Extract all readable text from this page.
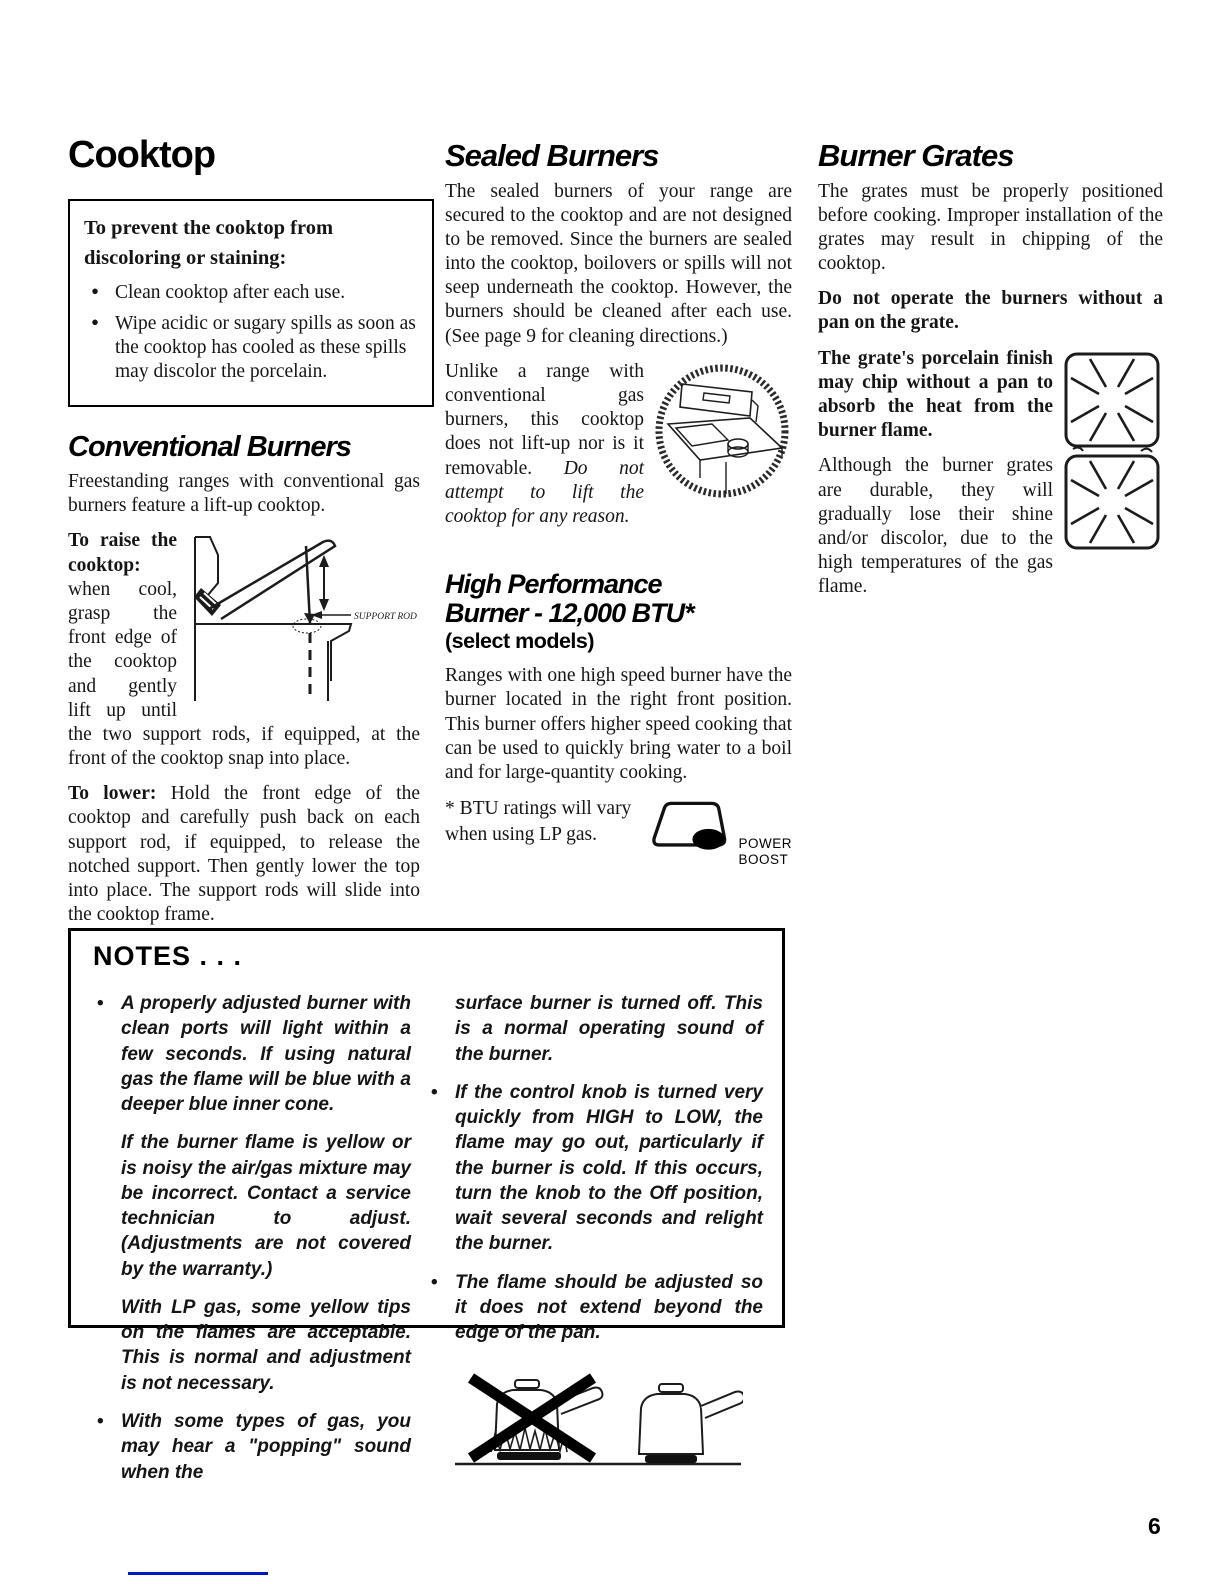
Cooktop

To prevent the cooktop from discoloring or staining:

• Clean cooktop after each use.
• Wipe acidic or sugary spills as soon as the cooktop has cooled as these spills may discolor the porcelain.
Conventional Burners

Freestanding ranges with conventional gas burners feature a lift-up cooktop.

SUPPORT ROD

To raise the cooktop: when cool, grasp the front edge of the cooktop and gently lift up until the two support rods, if equipped, at the front of the cooktop snap into place.

To lower: Hold the front edge of the cooktop and carefully push back on each support rod, if equipped, to release the notched support. Then gently lower the top into place. The support rods will slide into the cooktop frame.

Sealed Burners

The sealed burners of your range are secured to the cooktop and are not designed to be removed. Since the burners are sealed into the cooktop, boilovers or spills will not seep underneath the cooktop. However, the burners should be cleaned after each use. (See page 9 for cleaning directions.)

Unlike a range with conventional gas burners, this cooktop does not lift-up nor is it removable. Do not attempt to lift the cooktop for any reason.

High Performance
Burner - 12,000 BTU*
(select models)

Ranges with one high speed burner have the burner located in the right front position. This burner offers higher speed cooking that can be used to quickly bring water to a boil and for large-quantity cooking.

* BTU ratings will vary when using LP gas.	POWER
BOOST
Burner Grates

The grates must be properly positioned before cooking. Improper installation of the grates may result in chipping of the cooktop.

Do not operate the burners without a pan on the grate.

The grate's porcelain finish may chip without a pan to absorb the heat from the burner flame.

Although the burner grates are durable, they will gradually lose their shine and/or discolor, due to the high temperatures of the gas flame.

NOTES . . .
• A properly adjusted burner with clean ports will light within a few seconds. If using natural gas the flame will be blue with a deeper blue inner cone.
If the burner flame is yellow or is noisy the air/gas mixture may be incorrect. Contact a service technician to adjust. (Adjustments are not covered by the warranty.)
With LP gas, some yellow tips on the flames are acceptable. This is normal and adjustment is not necessary.
• With some types of gas, you may hear a "popping" sound when the
surface burner is turned off. This is a normal operating sound of the burner.
• If the control knob is turned very quickly from HIGH to LOW, the flame may go out, particularly if the burner is cold. If this occurs, turn the knob to the Off position, wait several seconds and relight the burner.
• The flame should be adjusted so it does not extend beyond the edge of the pan.
6
